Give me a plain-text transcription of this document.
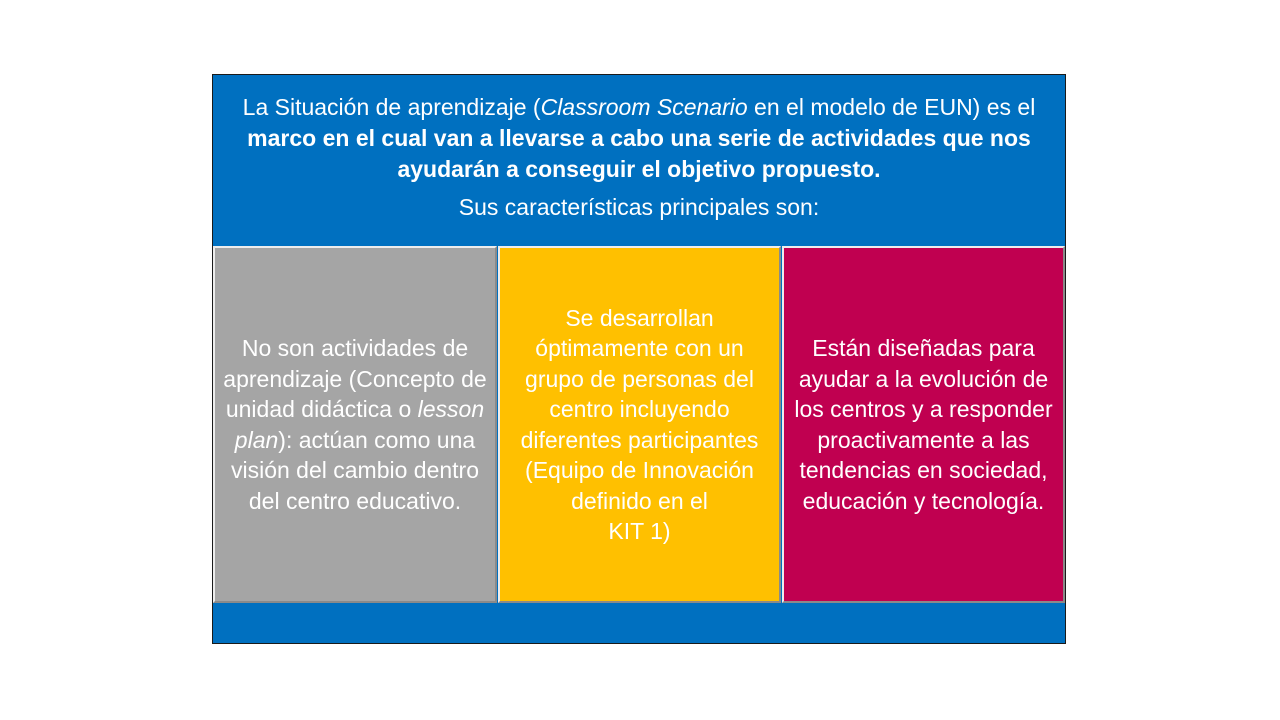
La Situación de aprendizaje (Classroom Scenario en el modelo de EUN) es el marco en el cual van a llevarse a cabo una serie de actividades que nos ayudarán a conseguir el objetivo propuesto.

Sus características principales son:

No son actividades de aprendizaje (Concepto de unidad didáctica o lesson plan): actúan como una visión del cambio dentro del centro educativo.

Se desarrollan óptimamente con un grupo de personas del centro incluyendo diferentes participantes (Equipo de Innovación definido en el
KIT 1)

Están diseñadas para ayudar a la evolución de los centros y a responder proactivamente a las tendencias en sociedad, educación y tecnología.
